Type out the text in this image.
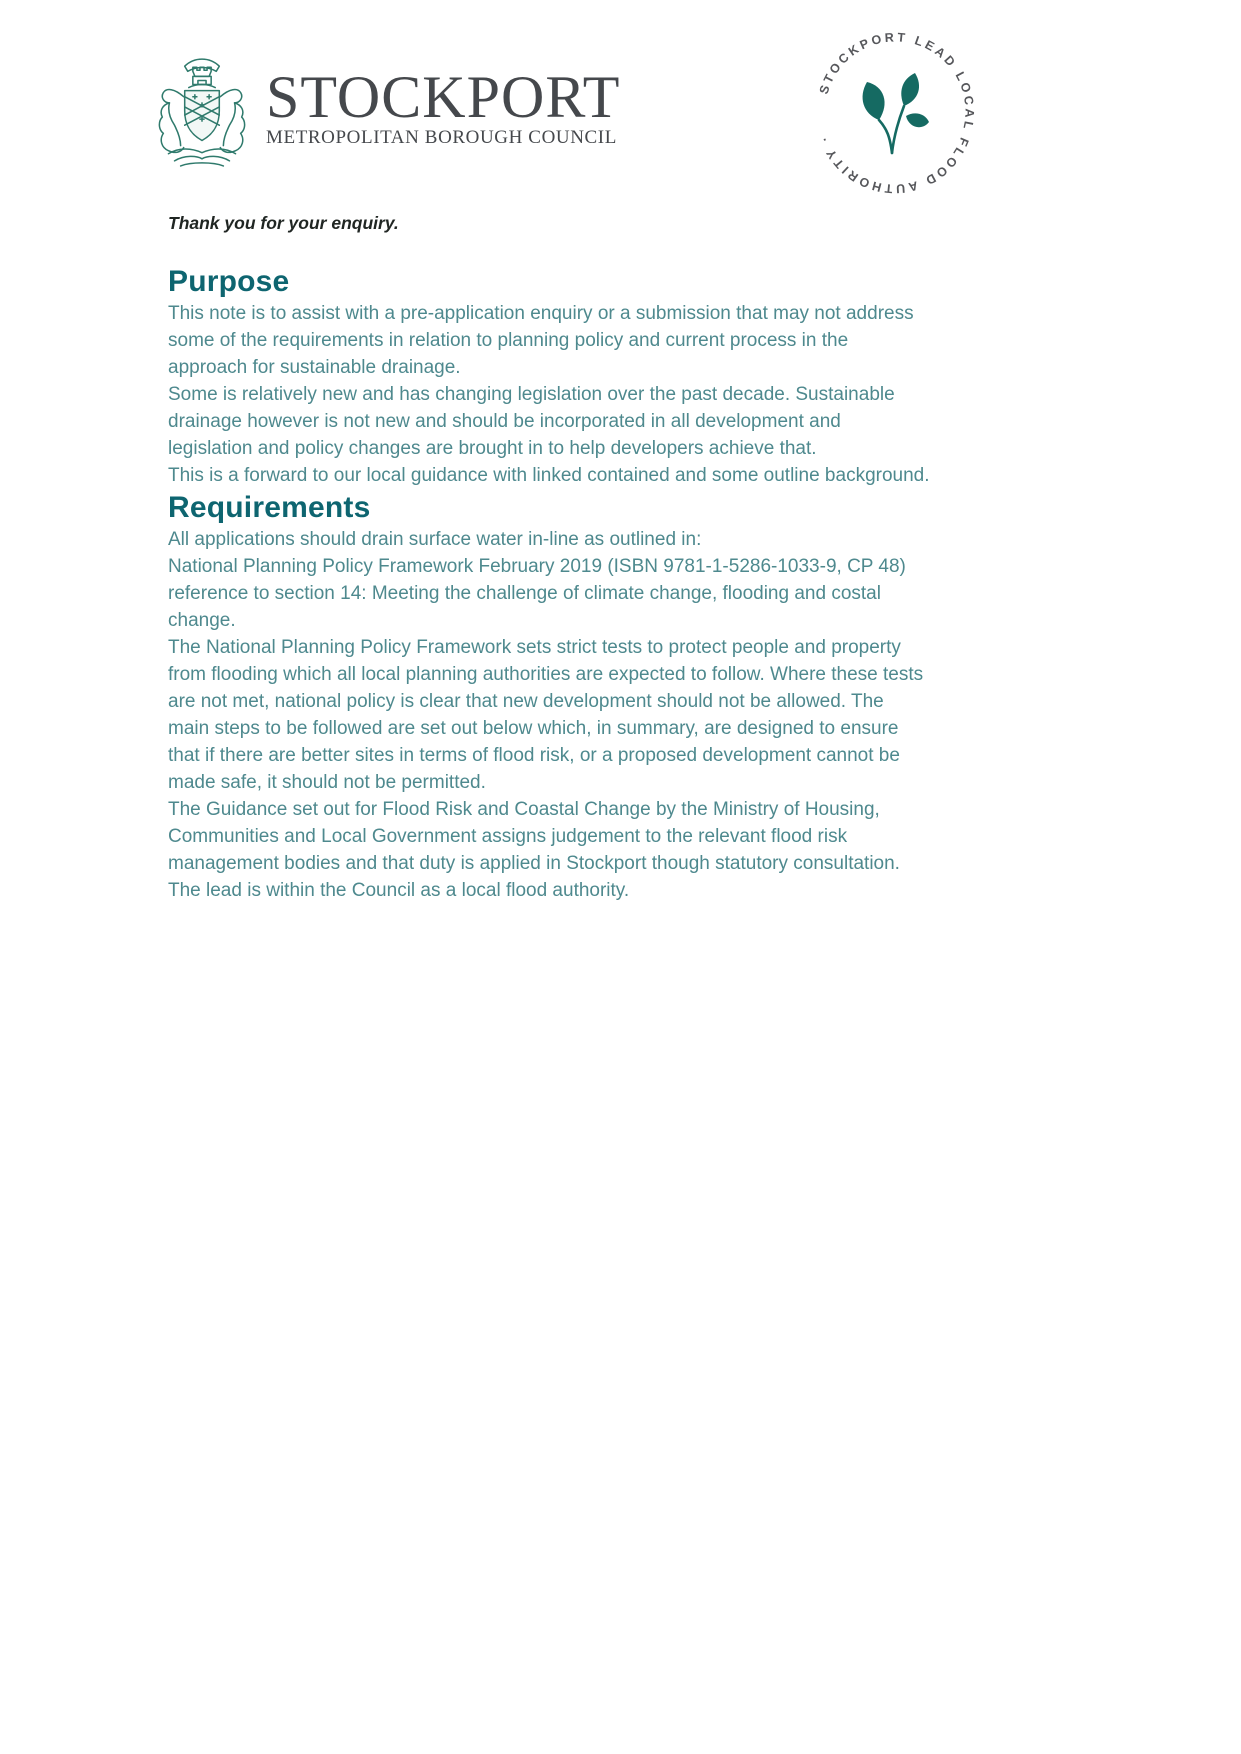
STOCKPORT
METROPOLITAN BOROUGH COUNCIL
STOCKPORT LEAD LOCAL FLOOD AUTHORITY ·

Thank you for your enquiry.

Purpose

This note is to assist with a pre-application enquiry or a submission that may not address some of the requirements in relation to planning policy and current process in the approach for sustainable drainage.

Some is relatively new and has changing legislation over the past decade. Sustainable drainage however is not new and should be incorporated in all development and legislation and policy changes are brought in to help developers achieve that.

This is a forward to our local guidance with linked contained and some outline background.

Requirements

All applications should drain surface water in-line as outlined in:

National Planning Policy Framework February 2019 (ISBN 9781-1-5286-1033-9, CP 48) reference to section 14: Meeting the challenge of climate change, flooding and costal change.

The National Planning Policy Framework sets strict tests to protect people and property from flooding which all local planning authorities are expected to follow. Where these tests are not met, national policy is clear that new development should not be allowed. The main steps to be followed are set out below which, in summary, are designed to ensure that if there are better sites in terms of flood risk, or a proposed development cannot be made safe, it should not be permitted.

The Guidance set out for Flood Risk and Coastal Change by the Ministry of Housing, Communities and Local Government assigns judgement to the relevant flood risk management bodies and that duty is applied in Stockport though statutory consultation. The lead is within the Council as a local flood authority.
